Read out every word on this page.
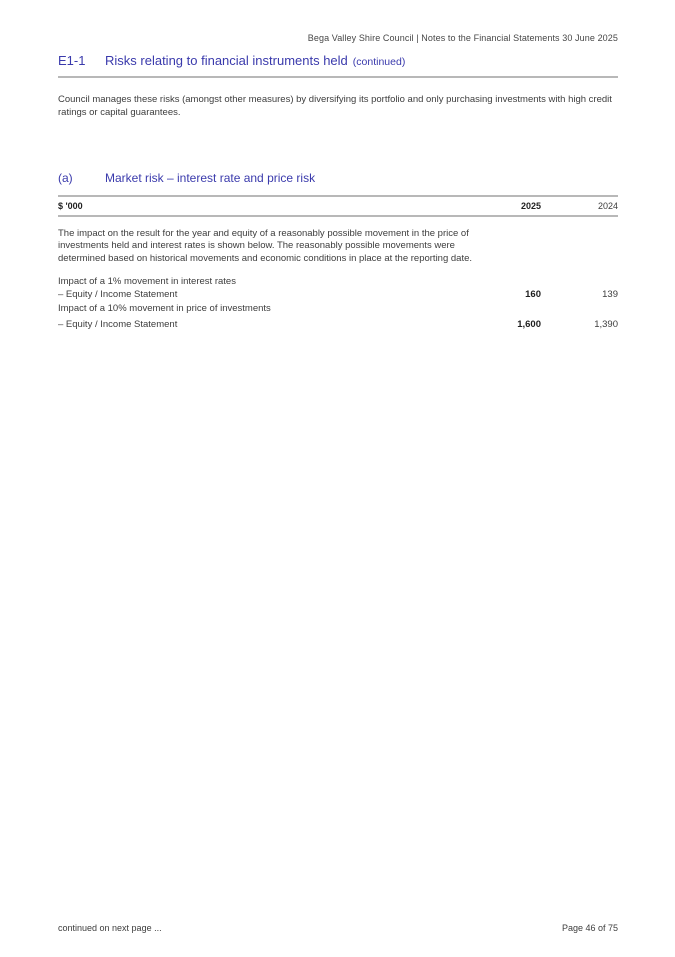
Bega Valley Shire Council | Notes to the Financial Statements 30 June 2025
E1-1	Risks relating to financial instruments held (continued)

Council manages these risks (amongst other measures) by diversifying its portfolio and only purchasing investments with high credit ratings or capital guarantees.

(a)	Market risk – interest rate and price risk
$ '000	2025	2024

The impact on the result for the year and equity of a reasonably possible movement in the price of investments held and interest rates is shown below. The reasonably possible movements were determined based on historical movements and economic conditions in place at the reporting date.

Impact of a 1% movement in interest rates
– Equity / Income Statement	160	139
Impact of a 10% movement in price of investments
– Equity / Income Statement	1,600	1,390
continued on next page ...	Page 46 of 75
